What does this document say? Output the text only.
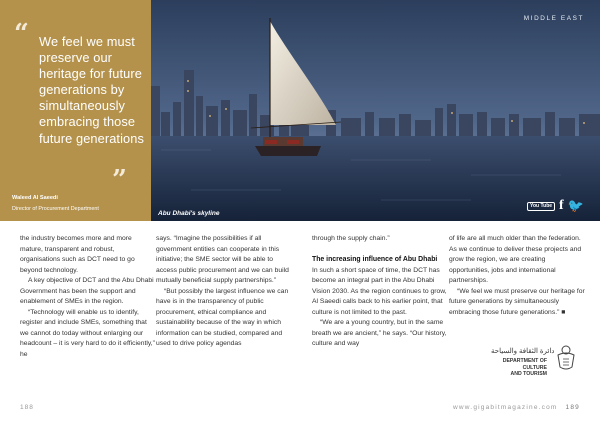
“ We feel we must preserve our heritage for future generations by simultaneously embracing those future generations

”
Waleed Al Saeedi
Director of Procurement Department
MIDDLE EAST
Abu Dhabi's skyline
You Tube f 🐦

the industry becomes more and more mature, transparent and robust, organisations such as DCT need to go beyond technology.

A key objective of DCT and the Abu Dhabi Government has been the support and enablement of SMEs in the region.

“Technology will enable us to identify, register and include SMEs, something that we cannot do today without enlarging our headcount – it is very hard to do it efficiently,” he

says. “Imagine the possibilities if all government entities can cooperate in this initiative; the SME sector will be able to access public procurement and we can build mutually beneficial supply partnerships.”

“But possibly the largest influence we can have is in the transparency of public procurement, ethical compliance and sustainability because of the way in which information can be studied, compared and used to drive policy agendas

through the supply chain.”

The increasing influence of Abu Dhabi

In such a short space of time, the DCT has become an integral part in the Abu Dhabi Vision 2030. As the region continues to grow, Al Saeedi calls back to his earlier point, that culture is not limited to the past.

“We are a young country, but in the same breath we are ancient,” he says. “Our history, culture and way

of life are all much older than the federation. As we continue to deliver these projects and grow the region, we are creating opportunities, jobs and international partnerships.

“We feel we must preserve our heritage for future generations by simultaneously embracing those future generations.” ■

دائرة الثقافة والسياحة
DEPARTMENT OF CULTURE
AND TOURISM
188	www.gigabitmagazine.com 189
